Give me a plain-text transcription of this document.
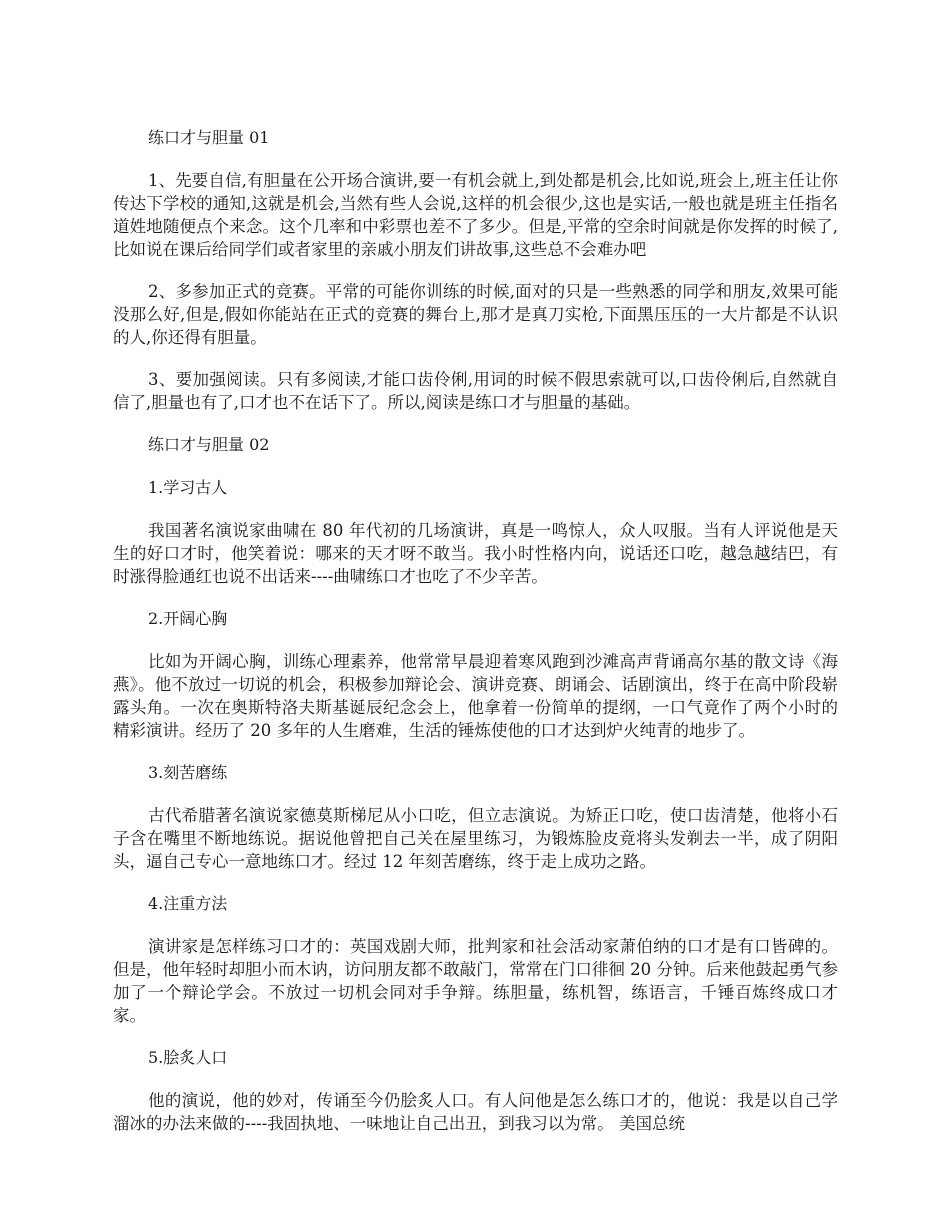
练口才与胆量 01

1、先要自信,有胆量在公开场合演讲,要一有机会就上,到处都是机会,比如说,班会上,班主任让你传达下学校的通知,这就是机会,当然有些人会说,这样的机会很少,这也是实话,一般也就是班主任指名道姓地随便点个来念。这个几率和中彩票也差不了多少。但是,平常的空余时间就是你发挥的时候了,比如说在课后给同学们或者家里的亲戚小朋友们讲故事,这些总不会难办吧

2、多参加正式的竞赛。平常的可能你训练的时候,面对的只是一些熟悉的同学和朋友,效果可能没那么好,但是,假如你能站在正式的竞赛的舞台上,那才是真刀实枪,下面黑压压的一大片都是不认识的人,你还得有胆量。

3、要加强阅读。只有多阅读,才能口齿伶俐,用词的时候不假思索就可以,口齿伶俐后,自然就自信了,胆量也有了,口才也不在话下了。所以,阅读是练口才与胆量的基础。

练口才与胆量 02
1.学习古人

我国著名演说家曲啸在 80 年代初的几场演讲，真是一鸣惊人，众人叹服。当有人评说他是天生的好口才时，他笑着说：哪来的天才呀不敢当。我小时性格内向，说话还口吃，越急越结巴，有时涨得脸通红也说不出话来----曲啸练口才也吃了不少辛苦。

2.开阔心胸

比如为开阔心胸，训练心理素养，他常常早晨迎着寒风跑到沙滩高声背诵高尔基的散文诗《海燕》。他不放过一切说的机会，积极参加辩论会、演讲竞赛、朗诵会、话剧演出，终于在高中阶段崭露头角。一次在奥斯特洛夫斯基诞辰纪念会上，他拿着一份简单的提纲，一口气竟作了两个小时的精彩演讲。经历了 20 多年的人生磨难，生活的锤炼使他的口才达到炉火纯青的地步了。

3.刻苦磨练

古代希腊著名演说家德莫斯梯尼从小口吃，但立志演说。为矫正口吃，使口齿清楚，他将小石子含在嘴里不断地练说。据说他曾把自己关在屋里练习，为锻炼脸皮竟将头发剃去一半，成了阴阳头，逼自己专心一意地练口才。经过 12 年刻苦磨练，终于走上成功之路。

4.注重方法

演讲家是怎样练习口才的：英国戏剧大师，批判家和社会活动家萧伯纳的口才是有口皆碑的。但是，他年轻时却胆小而木讷，访问朋友都不敢敲门，常常在门口徘徊 20 分钟。后来他鼓起勇气参加了一个辩论学会。不放过一切机会同对手争辩。练胆量，练机智，练语言，千锤百炼终成口才家。

5.脍炙人口

他的演说，他的妙对，传诵至今仍脍炙人口。有人问他是怎么练口才的，他说：我是以自己学溜冰的办法来做的----我固执地、一味地让自己出丑，到我习以为常。 美国总统
